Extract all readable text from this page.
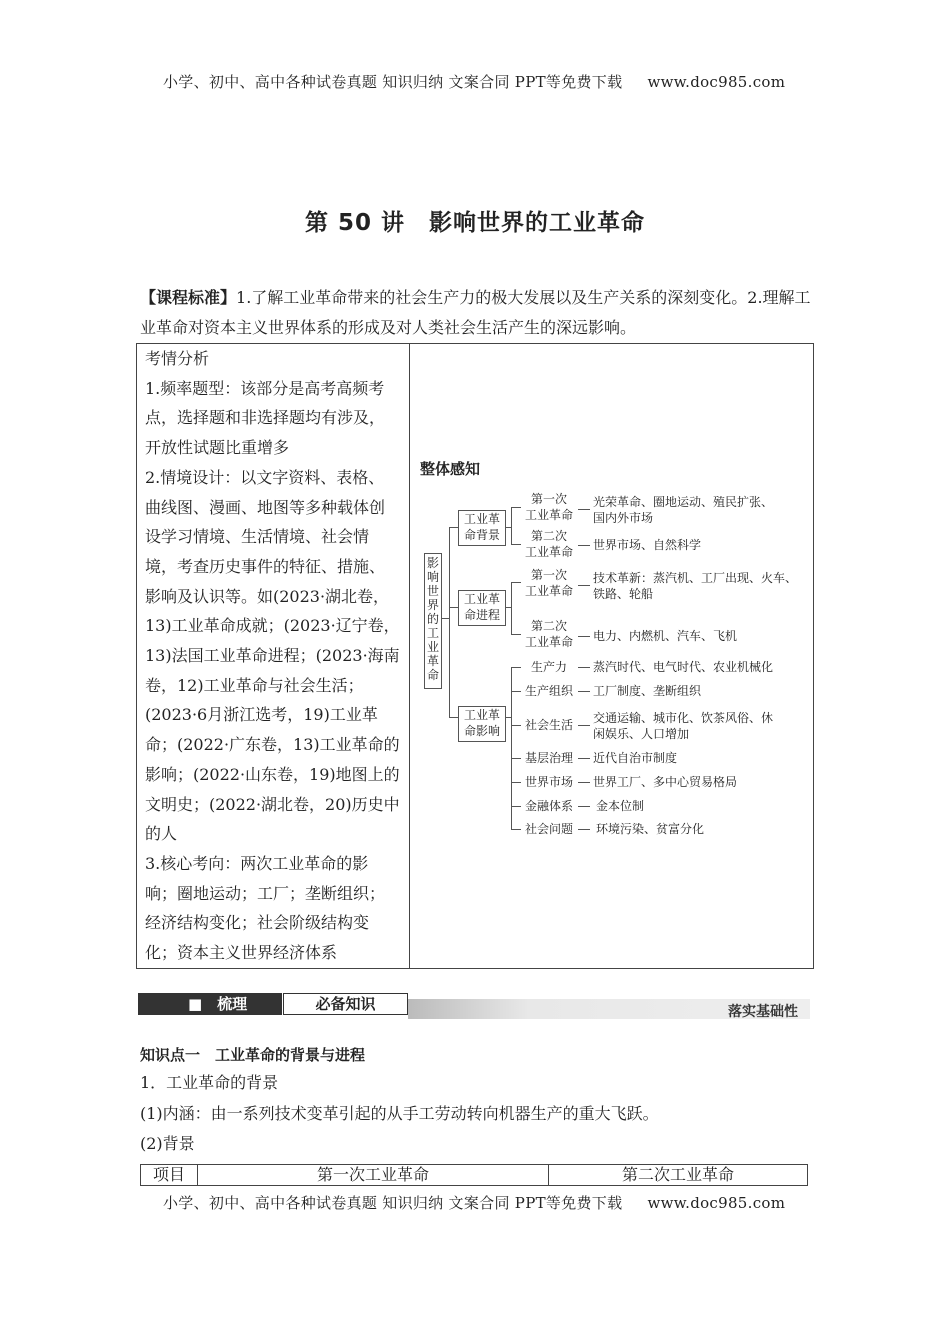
小学、初中、高中各种试卷真题 知识归纳 文案合同 PPT等免费下载 www.doc985.com
第 50 讲　影响世界的工业革命
【课程标准】1.了解工业革命带来的社会生产力的极大发展以及生产关系的深刻变化。2.理解工业革命对资本主义世界体系的形成及对人类社会生活产生的深远影响。
考情分析
1.频率题型：该部分是高考高频考
点，选择题和非选择题均有涉及，
开放性试题比重增多
2.情境设计：以文字资料、表格、
曲线图、漫画、地图等多种载体创
设学习情境、生活情境、社会情
境，考查历史事件的特征、措施、
影响及认识等。如(2023·湖北卷，
13)工业革命成就；(2023·辽宁卷，
13)法国工业革命进程；(2023·海南
卷，12)工业革命与社会生活；
(2023·6月浙江选考，19)工业革
命；(2022·广东卷，13)工业革命的
影响；(2022·山东卷，19)地图上的
文明史；(2022·湖北卷，20)历史中
的人
3.核心考向：两次工业革命的影
响；圈地运动；工厂；垄断组织；
经济结构变化；社会阶级结构变
化；资本主义世界经济体系

整体感知
影响世界的工业革命
工业革
命背景
工业革
命进程
工业革
命影响
第一次
工业革命
光荣革命、圈地运动、殖民扩张、
国内外市场
第二次
工业革命	世界市场、自然科学
第一次
工业革命
技术革新：蒸汽机、工厂出现、火车、
铁路、轮船
第二次
工业革命	电力、内燃机、汽车、飞机
生产力	蒸汽时代、电气时代、农业机械化
生产组织	工厂制度、垄断组织
社会生活	交通运输、城市化、饮茶风俗、休
闲娱乐、人口增加
基层治理	近代自治市制度
世界市场	世界工厂、多中心贸易格局
金融体系	金本位制
社会问题	环境污染、贫富分化
■　梳理	必备知识	落实基础性
知识点一　工业革命的背景与进程
1．工业革命的背景
(1)内涵：由一系列技术变革引起的从手工劳动转向机器生产的重大飞跃。
(2)背景
项目	第一次工业革命	第二次工业革命
小学、初中、高中各种试卷真题 知识归纳 文案合同 PPT等免费下载 www.doc985.com
